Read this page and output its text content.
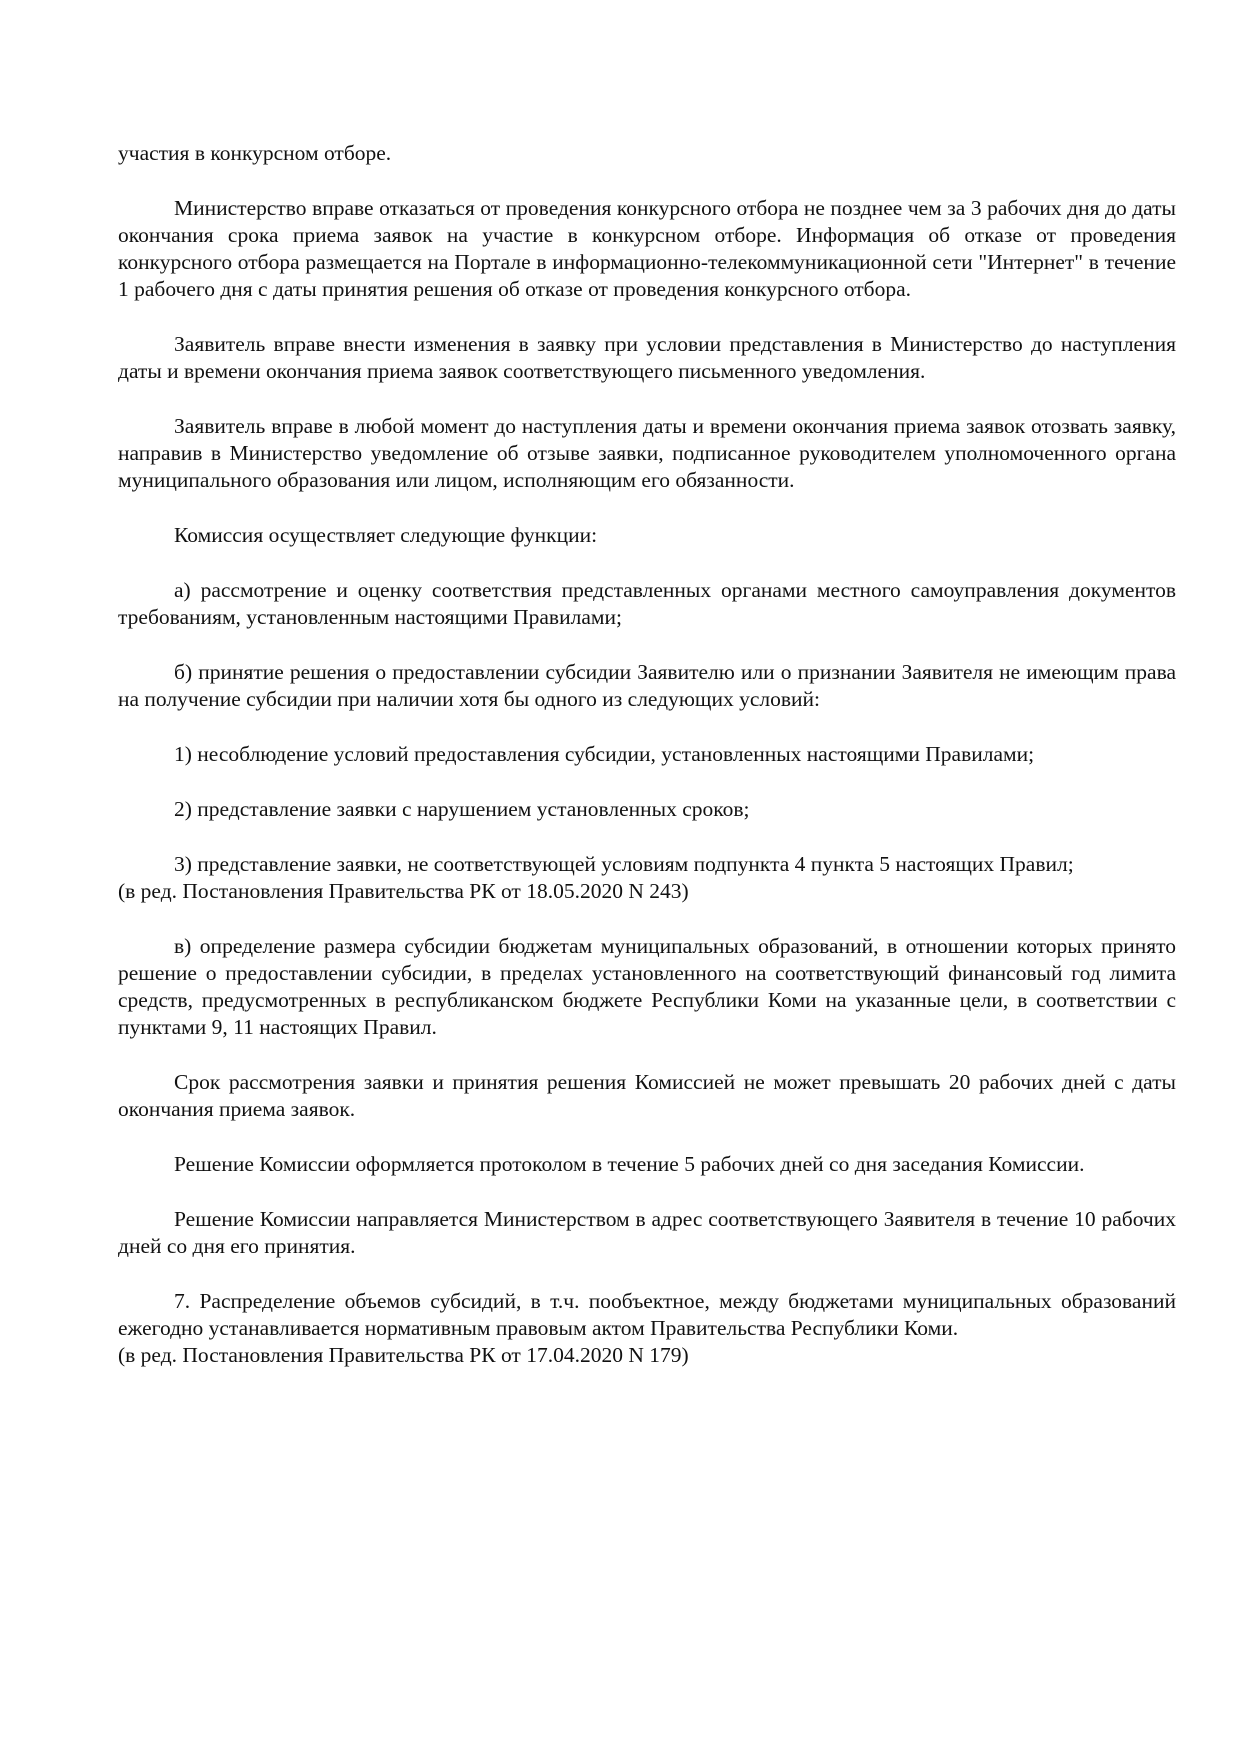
участия в конкурсном отборе.

Министерство вправе отказаться от проведения конкурсного отбора не позднее чем за 3 рабочих дня до даты окончания срока приема заявок на участие в конкурсном отборе. Информация об отказе от проведения конкурсного отбора размещается на Портале в информационно-телекоммуникационной сети "Интернет" в течение 1 рабочего дня с даты принятия решения об отказе от проведения конкурсного отбора.

Заявитель вправе внести изменения в заявку при условии представления в Министерство до наступления даты и времени окончания приема заявок соответствующего письменного уведомления.

Заявитель вправе в любой момент до наступления даты и времени окончания приема заявок отозвать заявку, направив в Министерство уведомление об отзыве заявки, подписанное руководителем уполномоченного органа муниципального образования или лицом, исполняющим его обязанности.

Комиссия осуществляет следующие функции:

а) рассмотрение и оценку соответствия представленных органами местного самоуправления документов требованиям, установленным настоящими Правилами;

б) принятие решения о предоставлении субсидии Заявителю или о признании Заявителя не имеющим права на получение субсидии при наличии хотя бы одного из следующих условий:

1) несоблюдение условий предоставления субсидии, установленных настоящими Правилами;

2) представление заявки с нарушением установленных сроков;

3) представление заявки, не соответствующей условиям подпункта 4 пункта 5 настоящих Правил;

(в ред. Постановления Правительства РК от 18.05.2020 N 243)

в) определение размера субсидии бюджетам муниципальных образований, в отношении которых принято решение о предоставлении субсидии, в пределах установленного на соответствующий финансовый год лимита средств, предусмотренных в республиканском бюджете Республики Коми на указанные цели, в соответствии с пунктами 9, 11 настоящих Правил.

Срок рассмотрения заявки и принятия решения Комиссией не может превышать 20 рабочих дней с даты окончания приема заявок.

Решение Комиссии оформляется протоколом в течение 5 рабочих дней со дня заседания Комиссии.

Решение Комиссии направляется Министерством в адрес соответствующего Заявителя в течение 10 рабочих дней со дня его принятия.

7. Распределение объемов субсидий, в т.ч. пообъектное, между бюджетами муниципальных образований ежегодно устанавливается нормативным правовым актом Правительства Республики Коми.

(в ред. Постановления Правительства РК от 17.04.2020 N 179)
